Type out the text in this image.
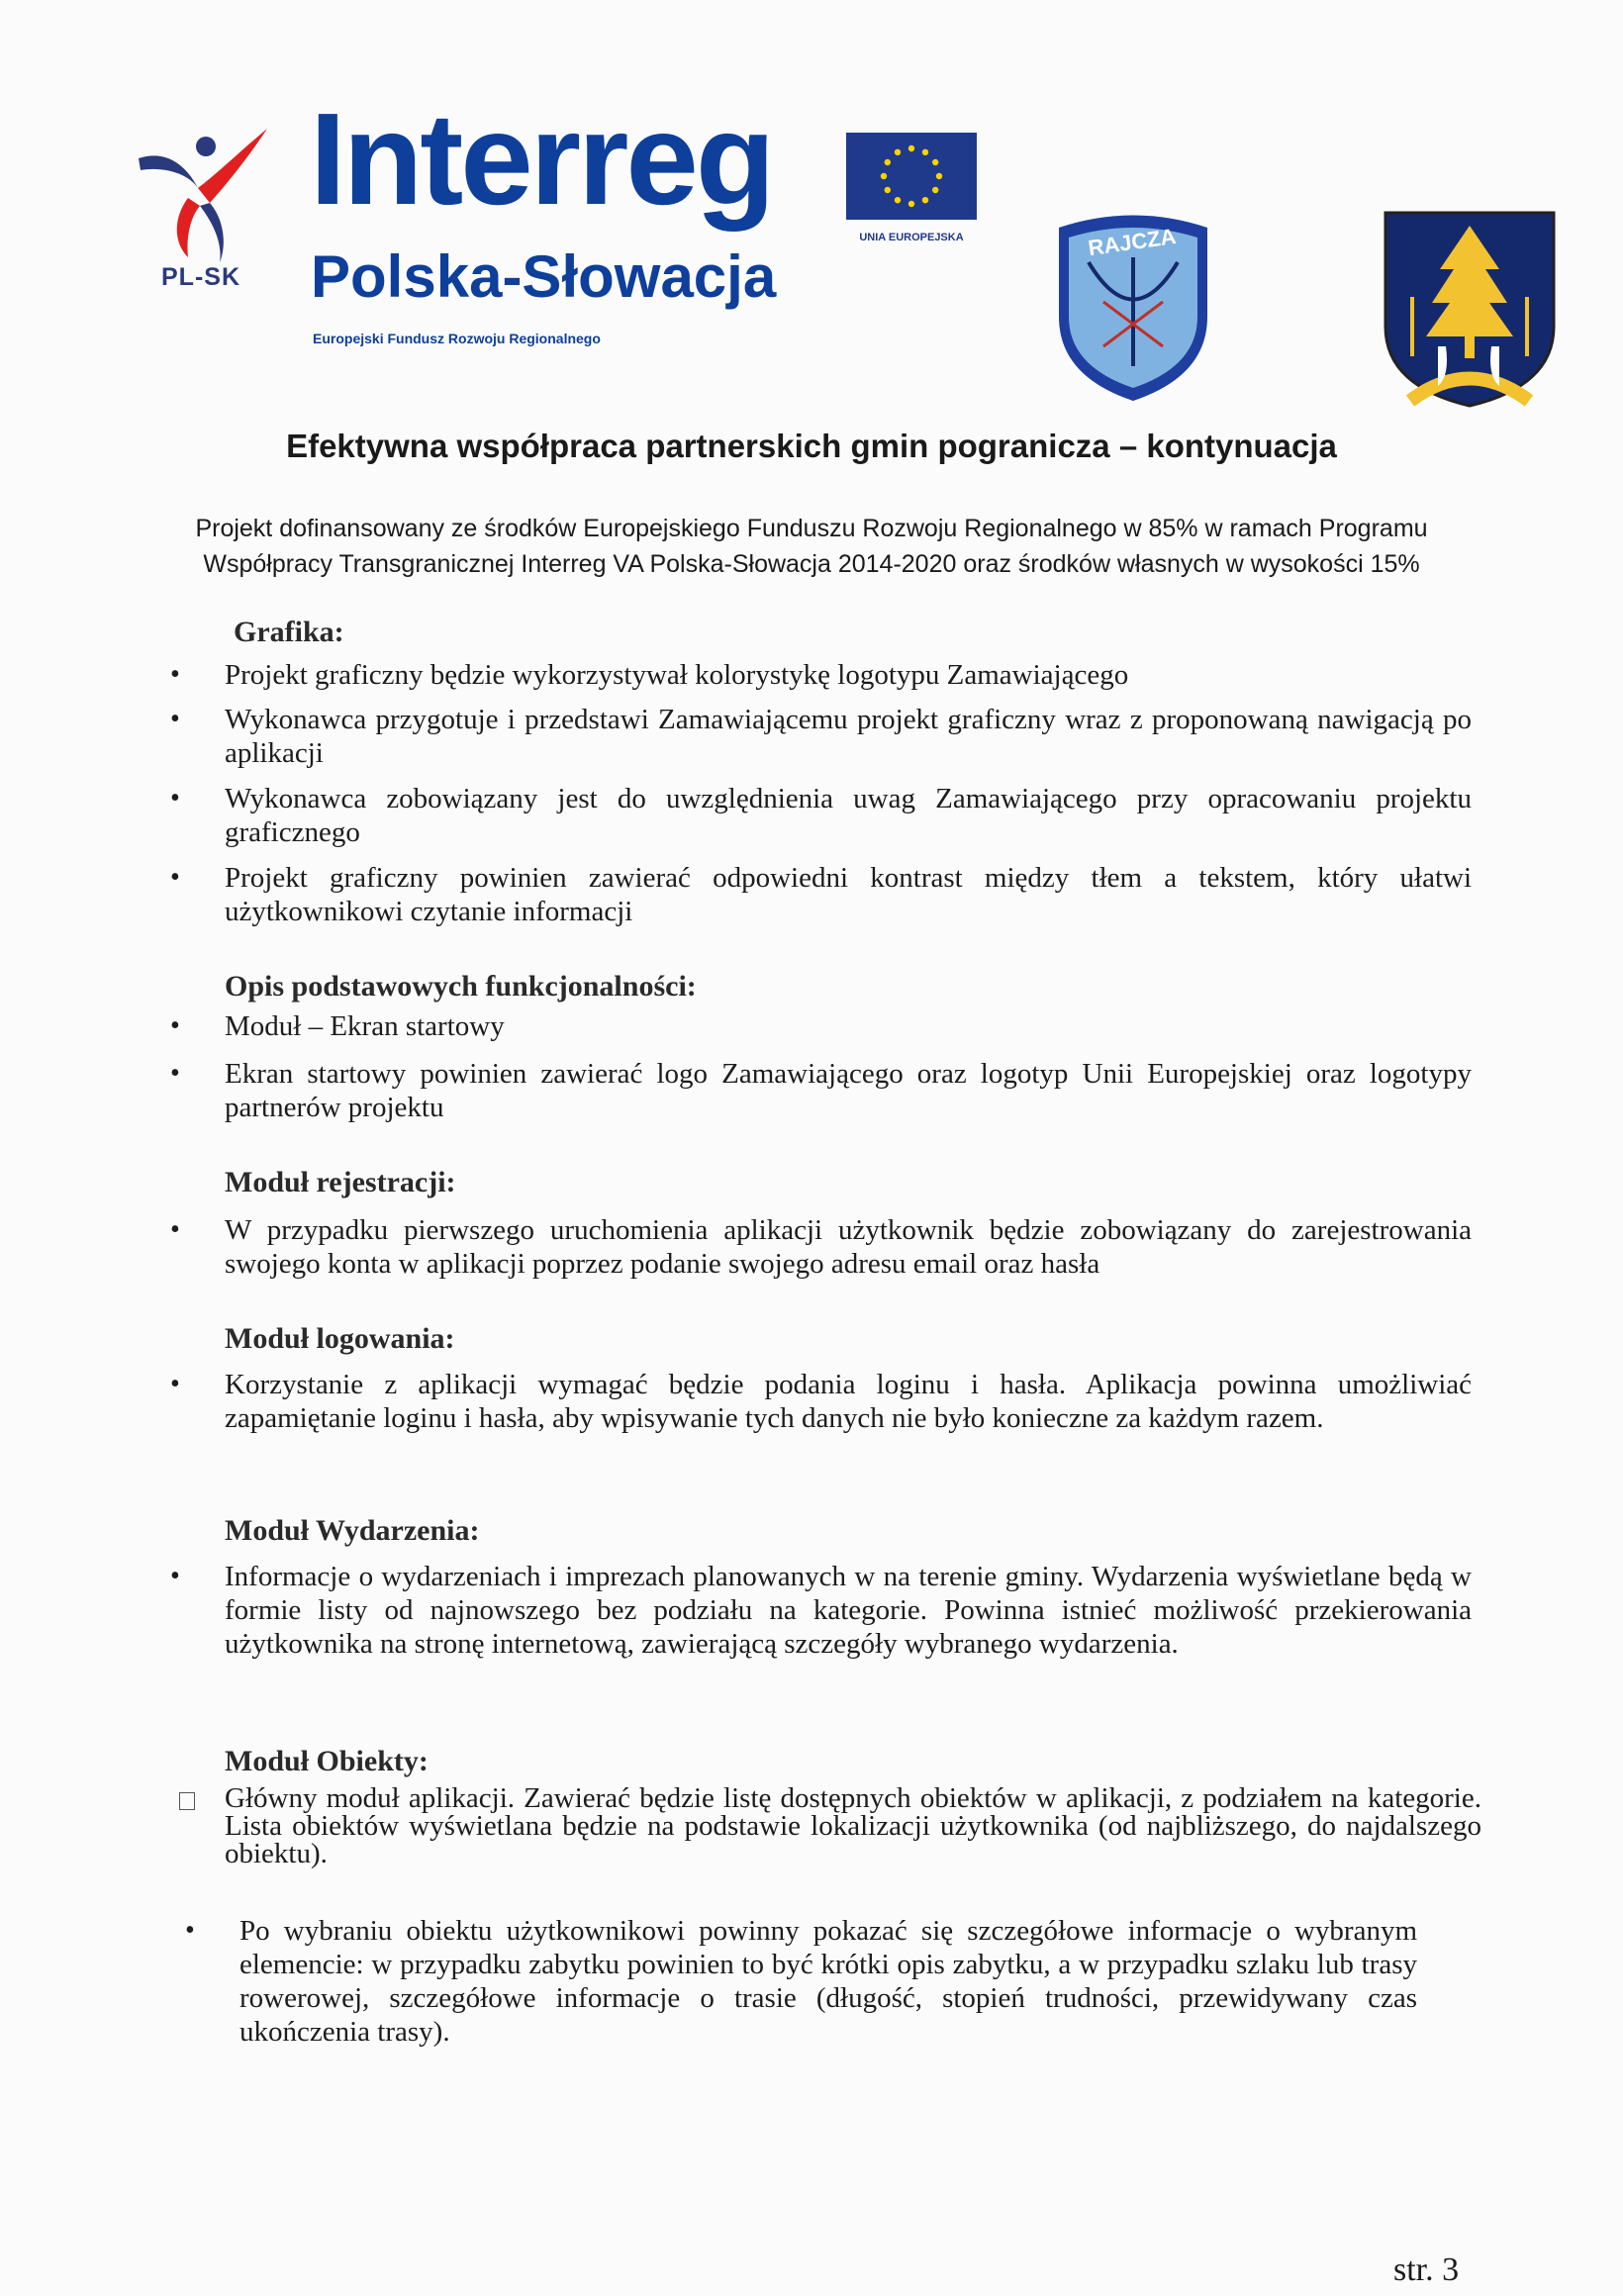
PL-SK
Interreg
Polska-Słowacja
Europejski Fundusz Rozwoju Regionalnego
UNIA EUROPEJSKA	RAJCZA
Efektywna współpraca partnerskich gmin pogranicza – kontynuacja
Projekt dofinansowany ze środków Europejskiego Funduszu Rozwoju Regionalnego w 85% w ramach Programu Współpracy Transgranicznej Interreg VA Polska-Słowacja 2014-2020 oraz środków własnych w wysokości 15%
Grafika:
• Projekt graficzny będzie wykorzystywał kolorystykę logotypu Zamawiającego
• Wykonawca przygotuje i przedstawi Zamawiającemu projekt graficzny wraz z proponowaną nawigacją po aplikacji
• Wykonawca zobowiązany jest do uwzględnienia uwag Zamawiającego przy opracowaniu projektu graficznego
• Projekt graficzny powinien zawierać odpowiedni kontrast między tłem a tekstem, który ułatwi użytkownikowi czytanie informacji
Opis podstawowych funkcjonalności:
• Moduł – Ekran startowy
• Ekran startowy powinien zawierać logo Zamawiającego oraz logotyp Unii Europejskiej oraz logotypy partnerów projektu
Moduł rejestracji:
• W przypadku pierwszego uruchomienia aplikacji użytkownik będzie zobowiązany do zarejestrowania swojego konta w aplikacji poprzez podanie swojego adresu email oraz hasła
Moduł logowania:
• Korzystanie z aplikacji wymagać będzie podania loginu i hasła. Aplikacja powinna umożliwiać zapamiętanie loginu i hasła, aby wpisywanie tych danych nie było konieczne za każdym razem.
Moduł Wydarzenia:
• Informacje o wydarzeniach i imprezach planowanych w na terenie gminy. Wydarzenia wyświetlane będą w formie listy od najnowszego bez podziału na kategorie. Powinna istnieć możliwość przekierowania użytkownika na stronę internetową, zawierającą szczegóły wybranego wydarzenia.
Moduł Obiekty:
Główny moduł aplikacji. Zawierać będzie listę dostępnych obiektów w aplikacji, z podziałem na kategorie. Lista obiektów wyświetlana będzie na podstawie lokalizacji użytkownika (od najbliższego, do najdalszego obiektu).
• Po wybraniu obiektu użytkownikowi powinny pokazać się szczegółowe informacje o wybranym elemencie: w przypadku zabytku powinien to być krótki opis zabytku, a w przypadku szlaku lub trasy rowerowej, szczegółowe informacje o trasie (długość, stopień trudności, przewidywany czas ukończenia trasy).
str. 3
